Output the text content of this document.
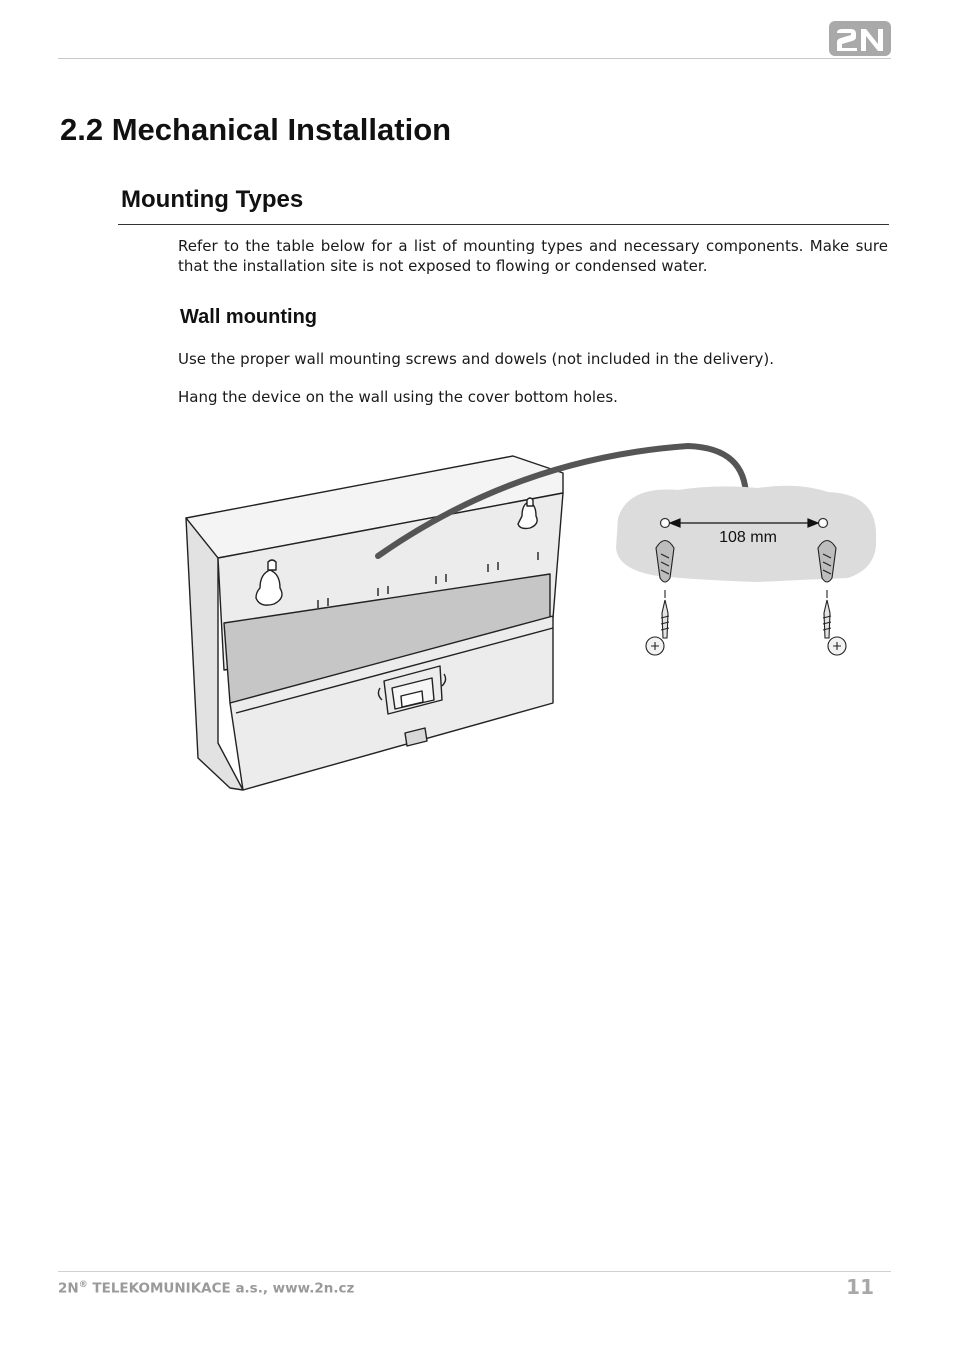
2.2 Mechanical Installation
Mounting Types

Refer to the table below for a list of mounting types and necessary components. Make sure that the installation site is not exposed to flowing or condensed water.

Wall mounting

Use the proper wall mounting screws and dowels (not included in the delivery).

Hang the device on the wall using the cover bottom holes.

108 mm
2N® TELEKOMUNIKACE a.s., www.2n.cz	11
